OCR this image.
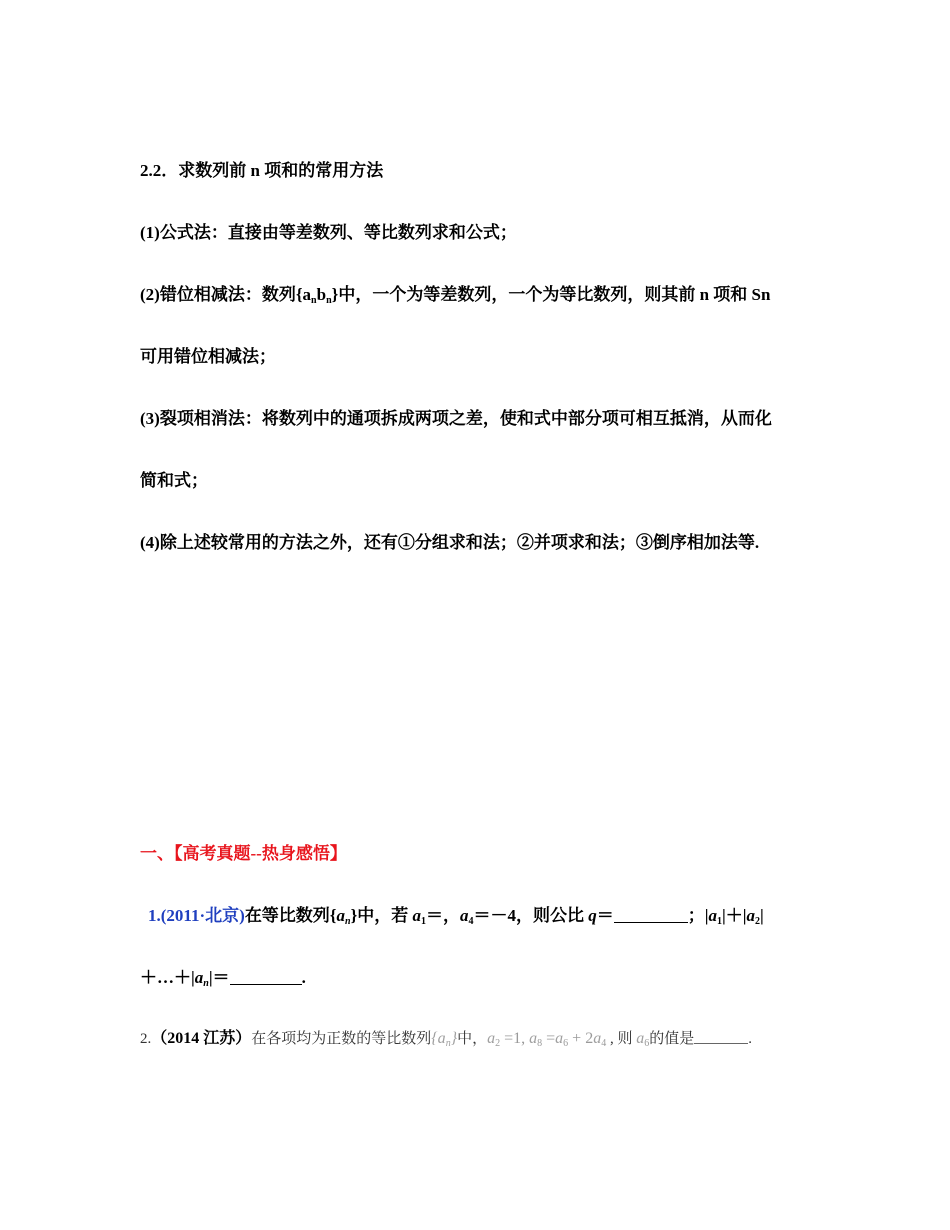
2.2．求数列前 n 项和的常用方法
(1)公式法：直接由等差数列、等比数列求和公式；
(2)错位相减法：数列$\{a_nb_n\}$中，一个为等差数列，一个为等比数列，则其前 n 项和 Sn
可用错位相减法；
(3)裂项相消法：将数列中的通项拆成两项之差，使和式中部分项可相互抵消，从而化
简和式；
(4)除上述较常用的方法之外，还有①分组求和法；②并项求和法；③倒序相加法等.
一、【高考真题--热身感悟】
1.(2011·北京)在等比数列$\{a_n\}$中，若 $a_1=$，$a_4=-4$，则公比 q＝	；$|a_1|+|a_2|$
$+\dots+|a_n|=$	.
2.（2014 江苏）在各项均为正数的等比数列$\{a_n\}$中，$a_2 =1$, $a_8 =a_6 + 2a_4$ , 则 $a_6$的值是	.
